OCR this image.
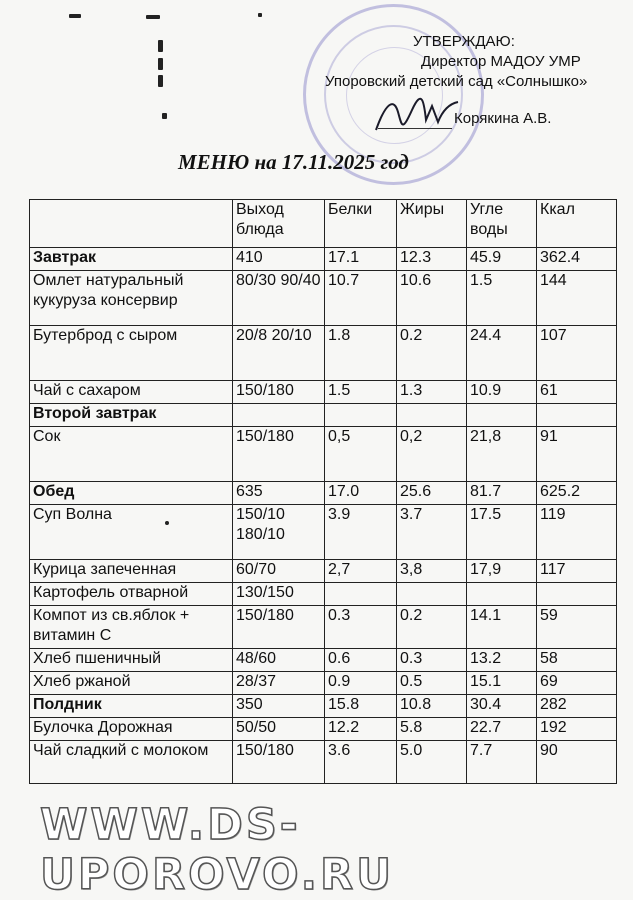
УТВЕРЖДАЮ:
Директор МАДОУ УМР
Упоровский детский сад «Солнышко»
Корякина А.В.
МЕНЮ на 17.11.2025 год
	Выход блюда	Белки	Жиры	Угле воды	Ккал
Завтрак	410	17.1	12.3	45.9	362.4
Омлет натуральный кукуруза консервир	80/30 90/40	10.7	10.6	1.5	144
Бутерброд с сыром	20/8 20/10	1.8	0.2	24.4	107
Чай с сахаром	150/180	1.5	1.3	10.9	61
Второй завтрак					
Сок	150/180	0,5	0,2	21,8	91
Обед	635	17.0	25.6	81.7	625.2
Суп Волна	150/10 180/10	3.9	3.7	17.5	119
Курица запеченная	60/70	2,7	3,8	17,9	117
Картофель отварной	130/150				
Компот из св.яблок + витамин С	150/180	0.3	0.2	14.1	59
Хлеб пшеничный	48/60	0.6	0.3	13.2	58
Хлеб ржаной	28/37	0.9	0.5	15.1	69
Полдник	350	15.8	10.8	30.4	282
Булочка Дорожная	50/50	12.2	5.8	22.7	192
Чай сладкий с молоком	150/180	3.6	5.0	7.7	90
WWW.DS-UPOROVO.RU
